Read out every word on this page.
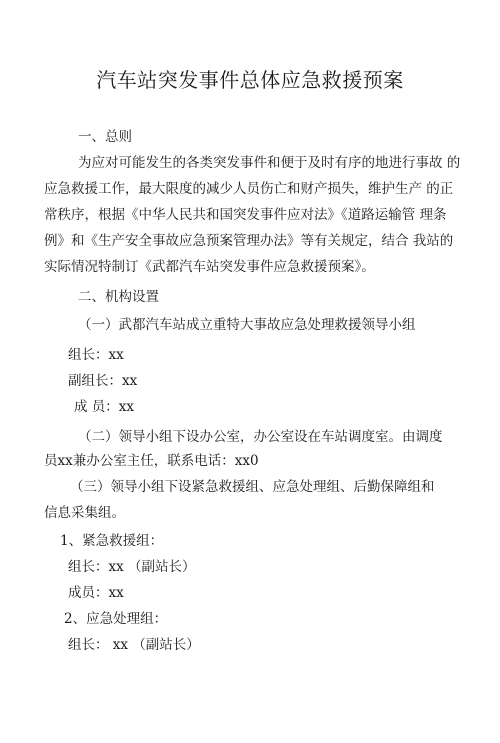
汽车站突发事件总体应急救援预案
一、总则
为应对可能发生的各类突发事件和便于及时有序的地进行事故 的
应急救援工作，最大限度的减少人员伤亡和财产损失，维护生产 的正
常秩序，根据《中华人民共和国突发事件应对法》《道路运输管 理条
例》和《生产安全事故应急预案管理办法》等有关规定，结合 我站的
实际情况特制订《武都汽车站突发事件应急救援预案》。
二、机构设置
（一）武都汽车站成立重特大事故应急处理救援领导小组
组长：xx
副组长：xx
成 员：xx
（二）领导小组下设办公室，办公室设在车站调度室。由调度
员xx兼办公室主任，联系电话：xx0
（三）领导小组下设紧急救援组、应急处理组、后勤保障组和
信息采集组。
1、紧急救援组：
组长：xx （副站长）
成员：xx
2、应急处理组：
组长： xx （副站长）
